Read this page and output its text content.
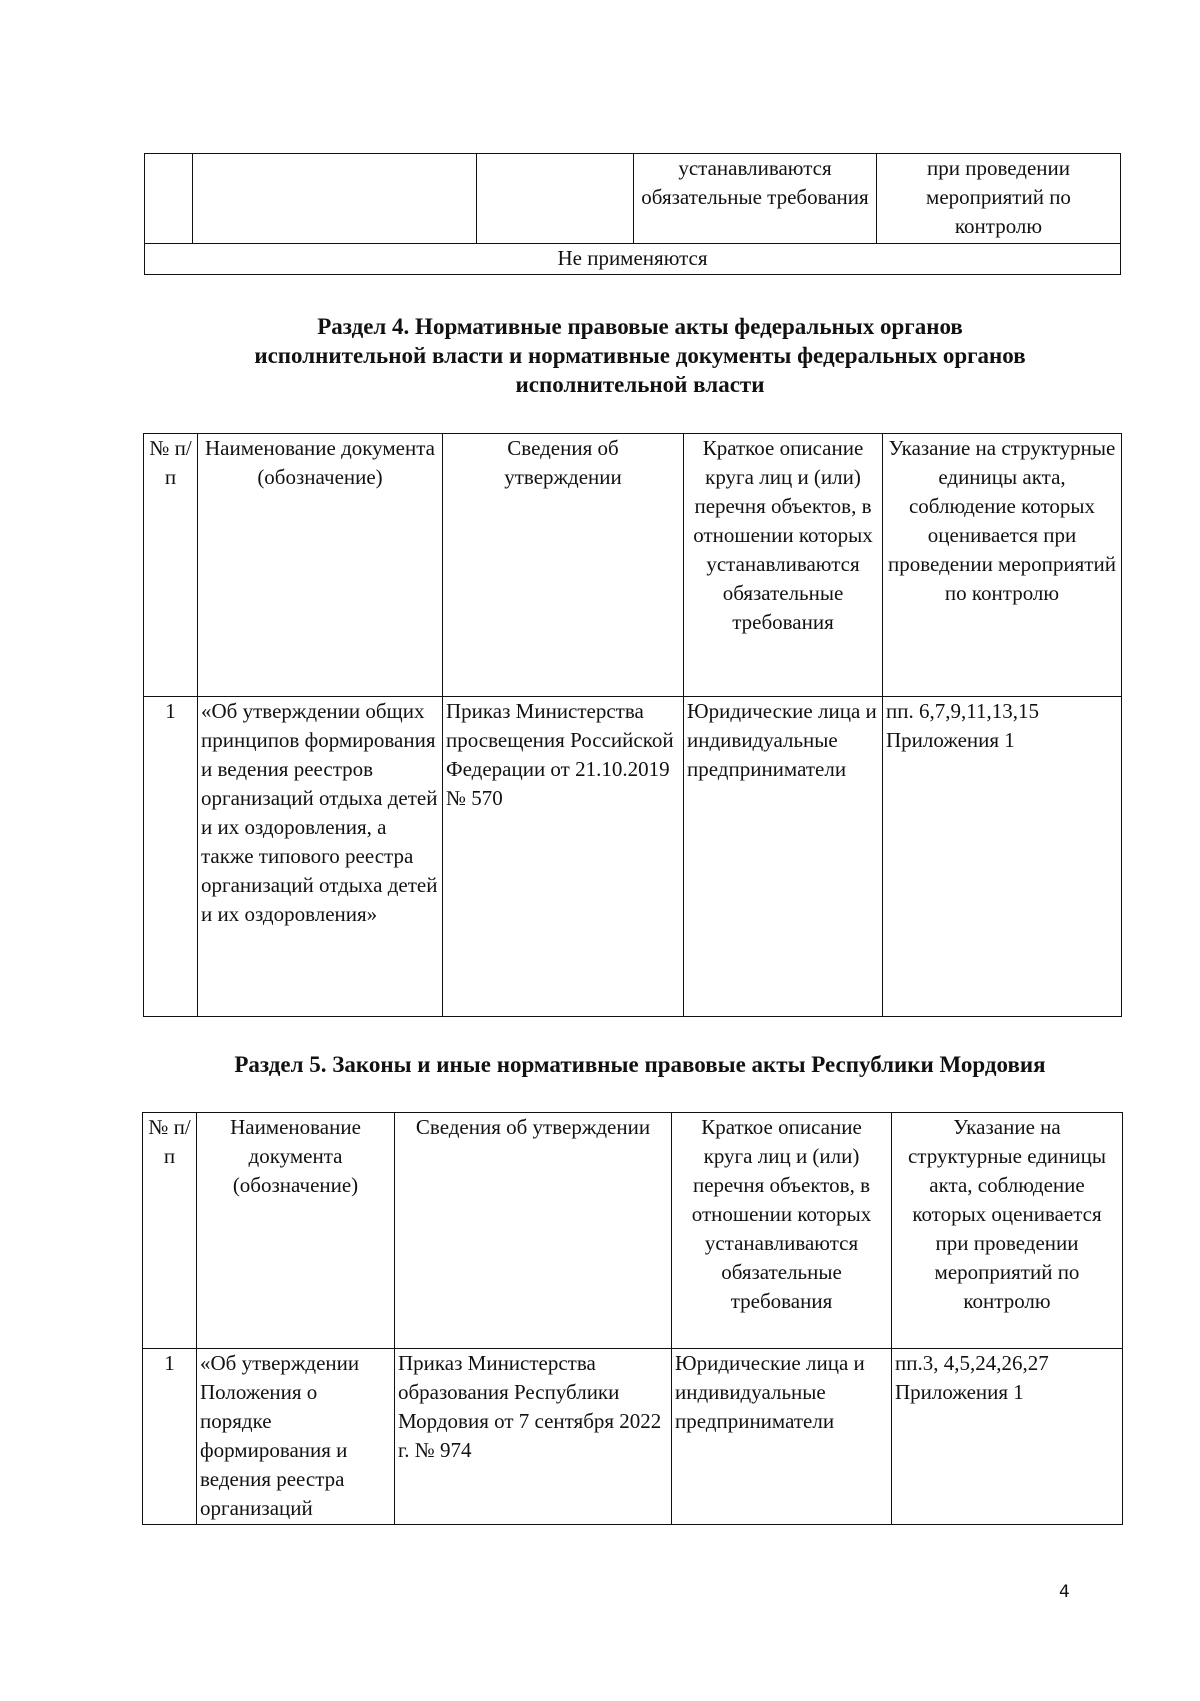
			устанавливаются обязательные требования	при проведении мероприятий по контролю
Не применяются
Раздел 4. Нормативные правовые акты федеральных органов исполнительной власти и нормативные документы федеральных органов исполнительной власти
№ п/п	Наименование документа (обозначение)	Сведения об утверждении	Краткое описание круга лиц и (или) перечня объектов, в отношении которых устанавливаются обязательные требования	Указание на структурные единицы акта, соблюдение которых оценивается при проведении мероприятий по контролю
1	«Об утверждении общих принципов формирования и ведения реестров организаций отдыха детей и их оздоровления, а также типового реестра организаций отдыха детей и их оздоровления»	Приказ Министерства просвещения Российской Федерации от 21.10.2019 № 570	Юридические лица и индивидуальные предприниматели	пп. 6,7,9,11,13,15 Приложения 1
Раздел 5. Законы и иные нормативные правовые акты Республики Мордовия
№ п/п	Наименование документа (обозначение)	Сведения об утверждении	Краткое описание круга лиц и (или) перечня объектов, в отношении которых устанавливаются обязательные требования	Указание на структурные единицы акта, соблюдение которых оценивается при проведении мероприятий по контролю
1	«Об утверждении Положения о порядке формирования и ведения реестра организаций	Приказ Министерства образования Республики Мордовия от 7 сентября 2022 г. № 974	Юридические лица и индивидуальные предприниматели	пп.3, 4,5,24,26,27 Приложения 1
4
